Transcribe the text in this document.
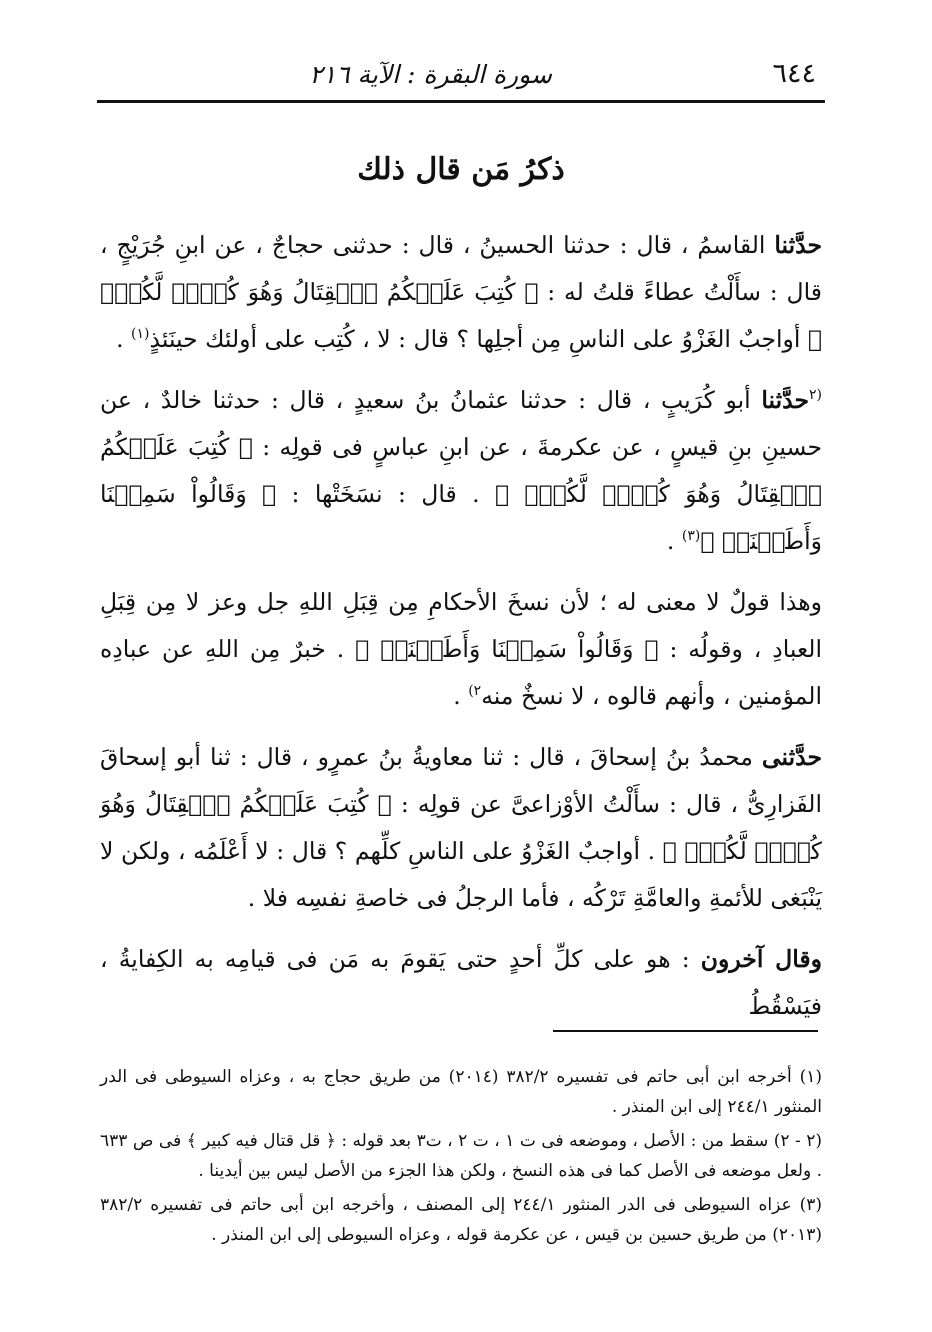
٦٤٤
سورة البقرة : الآية ٢١٦
ذكرُ مَن قال ذلك

حدَّثنا القاسمُ ، قال : حدثنا الحسينُ ، قال : حدثنى حجاجٌ ، عن ابنِ جُرَيْجٍ ، قال : سأَلْتُ عطاءً قلتُ له : ﴿ كُتِبَ عَلَيۡكُمُ ٱلۡقِتَالُ وَهُوَ كُرۡهٞ لَّكُمۡۖ ﴾ أواجبٌ الغَزْوُ على الناسِ مِن أجلِها ؟ قال : لا ، كُتِب على أولئك حينَئذٍ$^{(١)}$ .

$^{(٢}$حدَّثنا أبو كُرَيبٍ ، قال : حدثنا عثمانُ بنُ سعيدٍ ، قال : حدثنا خالدٌ ، عن حسينِ بنِ قيسٍ ، عن عكرمةَ ، عن ابنِ عباسٍ فى قولِه : ﴿ كُتِبَ عَلَيۡكُمُ ٱلۡقِتَالُ وَهُوَ كُرۡهٞ لَّكُمۡۖ ﴾ . قال : نسَخَتْها : ﴿ وَقَالُواْ سَمِعۡنَا وَأَطَعۡنَاۖ ﴾$^{(٣)}$ .

وهذا قولٌ لا معنى له ؛ لأن نسخَ الأحكامِ مِن قِبَلِ اللهِ جل وعز لا مِن قِبَلِ العبادِ ، وقولُه : ﴿ وَقَالُواْ سَمِعۡنَا وَأَطَعۡنَاۖ ﴾ . خبرٌ مِن اللهِ عن عبادِه المؤمنين ، وأنهم قالوه ، لا نسخٌ منه$^{٢)}$ .

حدَّثنى محمدُ بنُ إسحاقَ ، قال : ثنا معاويةُ بنُ عمرٍو ، قال : ثنا أبو إسحاقَ الفَزارِىُّ ، قال : سأَلْتُ الأوْزاعىَّ عن قولِه : ﴿ كُتِبَ عَلَيۡكُمُ ٱلۡقِتَالُ وَهُوَ كُرۡهٞ لَّكُمۡۖ ﴾ . أواجبٌ الغَزْوُ على الناسِ كلِّهم ؟ قال : لا أَعْلَمُه ، ولكن لا يَنْبَغى للأئمةِ والعامَّةِ تَرْكُه ، فأما الرجلُ فى خاصةِ نفسِه فلا .

وقال آخرون : هو على كلِّ أحدٍ حتى يَقومَ به مَن فى قيامِه به الكِفايةُ ، فيَسْقُطُ

(١) أخرجه ابن أبى حاتم فى تفسيره ٣٨٢/٢ (٢٠١٤) من طريق حجاج به ، وعزاه السيوطى فى الدر المنثور ٢٤٤/١ إلى ابن المنذر .

(٢ - ٢) سقط من : الأصل ، وموضعه فى ت ١ ، ت ٢ ، ت٣ بعد قوله : ﴿ قل قتال فيه كبير ﴾ فى ص ٦٣٣ . ولعل موضعه فى الأصل كما فى هذه النسخ ، ولكن هذا الجزء من الأصل ليس بين أيدينا .

(٣) عزاه السيوطى فى الدر المنثور ٢٤٤/١ إلى المصنف ، وأخرجه ابن أبى حاتم فى تفسيره ٣٨٢/٢ (٢٠١٣) من طريق حسين بن قيس ، عن عكرمة قوله ، وعزاه السيوطى إلى ابن المنذر .
